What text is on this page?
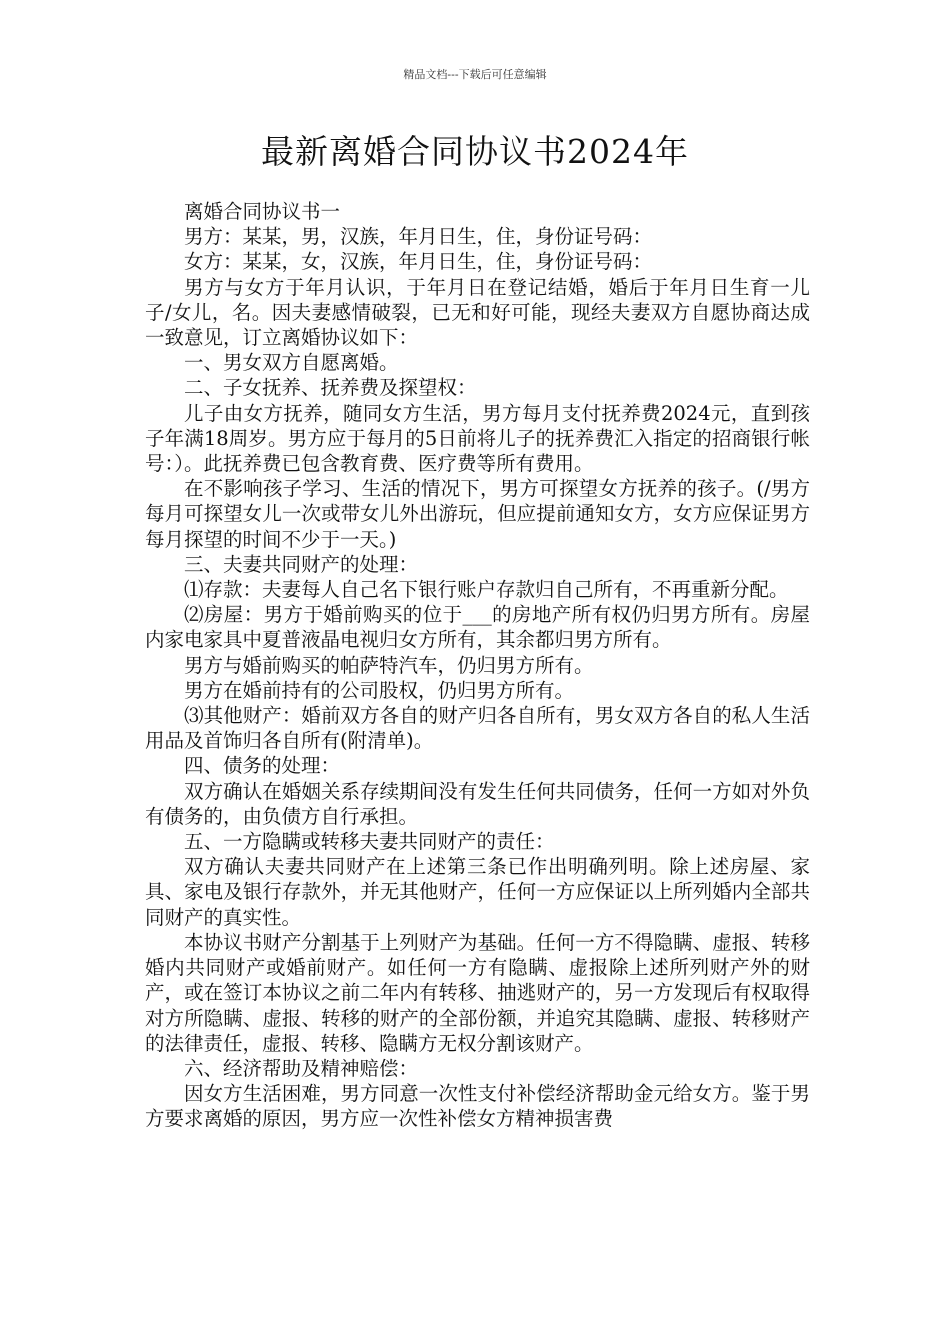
精品文档---下载后可任意编辑
最新离婚合同协议书2024年

离婚合同协议书一

男方：某某，男，汉族，年月日生，住，身份证号码：

女方：某某，女，汉族，年月日生，住，身份证号码：

男方与女方于年月认识，于年月日在登记结婚，婚后于年月日生育一儿子/女儿，名。因夫妻感情破裂，已无和好可能，现经夫妻双方自愿协商达成一致意见，订立离婚协议如下：

一、男女双方自愿离婚。

二、子女抚养、抚养费及探望权：

儿子由女方抚养，随同女方生活，男方每月支付抚养费2024元，直到孩子年满18周岁。男方应于每月的5日前将儿子的抚养费汇入指定的招商银行帐号：）。此抚养费已包含教育费、医疗费等所有费用。

在不影响孩子学习、生活的情况下，男方可探望女方抚养的孩子。(/男方每月可探望女儿一次或带女儿外出游玩，但应提前通知女方，女方应保证男方每月探望的时间不少于一天。)

三、夫妻共同财产的处理：

⑴存款：夫妻每人自己名下银行账户存款归自己所有，不再重新分配。

⑵房屋：男方于婚前购买的位于___的房地产所有权仍归男方所有。房屋内家电家具中夏普液晶电视归女方所有，其余都归男方所有。

男方与婚前购买的帕萨特汽车，仍归男方所有。

男方在婚前持有的公司股权，仍归男方所有。

⑶其他财产：婚前双方各自的财产归各自所有，男女双方各自的私人生活用品及首饰归各自所有(附清单)。

四、债务的处理：

双方确认在婚姻关系存续期间没有发生任何共同债务，任何一方如对外负有债务的，由负债方自行承担。

五、一方隐瞒或转移夫妻共同财产的责任：

双方确认夫妻共同财产在上述第三条已作出明确列明。除上述房屋、家具、家电及银行存款外，并无其他财产，任何一方应保证以上所列婚内全部共同财产的真实性。

本协议书财产分割基于上列财产为基础。任何一方不得隐瞒、虚报、转移婚内共同财产或婚前财产。如任何一方有隐瞒、虚报除上述所列财产外的财产，或在签订本协议之前二年内有转移、抽逃财产的，另一方发现后有权取得对方所隐瞒、虚报、转移的财产的全部份额，并追究其隐瞒、虚报、转移财产的法律责任，虚报、转移、隐瞒方无权分割该财产。

六、经济帮助及精神赔偿：

因女方生活困难，男方同意一次性支付补偿经济帮助金元给女方。鉴于男方要求离婚的原因，男方应一次性补偿女方精神损害费
